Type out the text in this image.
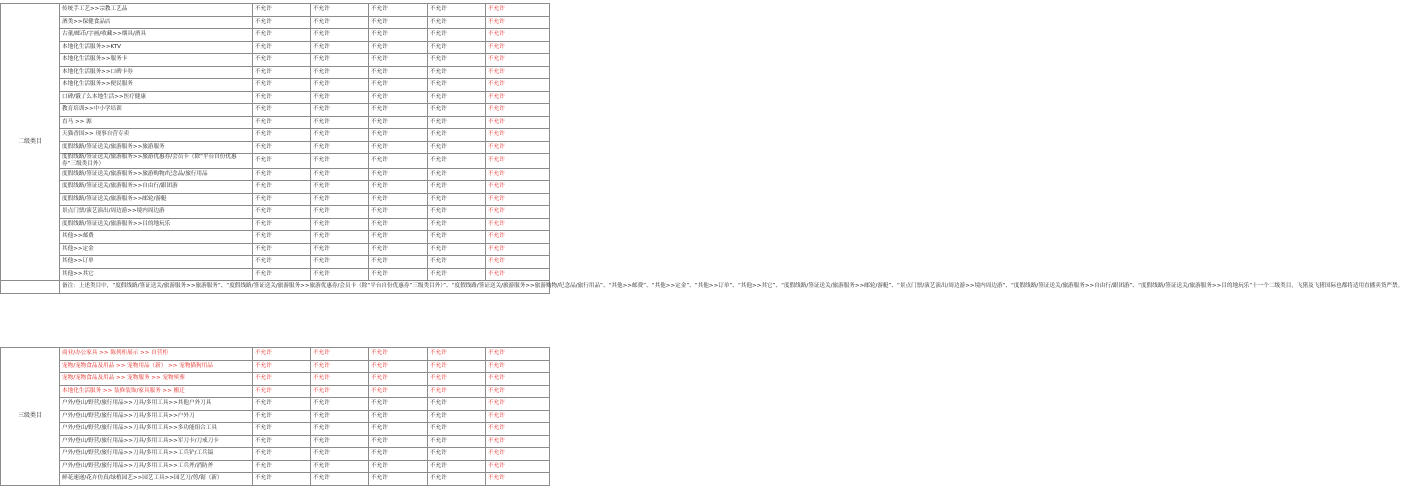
二级类目	传统手工艺>>宗教工艺品	不允许	不允许	不允许	不允许	不允许
	酒类>>保健食品店	不允许	不允许	不允许	不允许	不允许
	古董/邮币/字画/收藏>>烟具/酒具	不允许	不允许	不允许	不允许	不允许
	本地化生活服务>>KTV	不允许	不允许	不允许	不允许	不允许
	本地化生活服务>>服务卡	不允许	不允许	不允许	不允许	不允许
	本地化生活服务>>口碑卡券	不允许	不允许	不允许	不允许	不允许
	本地化生活服务>>便民服务	不允许	不允许	不允许	不允许	不允许
	口碑/饿了么本地生活>>医疗健康	不允许	不允许	不允许	不允许	不允许
	教育培训>>中小学培训	不允许	不允许	不允许	不允许	不允许
	直马 >> 源	不允许	不允许	不允许	不允许	不允许
	天猫香国>> 现事自营专卖	不允许	不允许	不允许	不允许	不允许
	度假线路/签证送关/旅游服务>>旅游服务	不允许	不允许	不允许	不允许	不允许
	度假线路/签证送关/旅游服务>>旅游优惠券/会员卡（除“平台自份优惠券”三级类目外）	不允许	不允许	不允许	不允许	不允许
	度假线路/签证送关/旅游服务>>旅游购物/纪念品/旅行用品	不允许	不允许	不允许	不允许	不允许
	度假线路/签证送关/旅游服务>>自由行/跟团游	不允许	不允许	不允许	不允许	不允许
	度假线路/签证送关/旅游服务>>邮轮/游艇	不允许	不允许	不允许	不允许	不允许
	景点门票/演艺演出/周边游>>境内周边游	不允许	不允许	不允许	不允许	不允许
	度假线路/签证送关/旅游服务>>目的地玩乐	不允许	不允许	不允许	不允许	不允许
	其他>>邮费	不允许	不允许	不允许	不允许	不允许
	其他>>定金	不允许	不允许	不允许	不允许	不允许
	其他>>订单	不允许	不允许	不允许	不允许	不允许
	其他>>其它	不允许	不允许	不允许	不允许	不允许
	备注：上述类目中，“度假线路/签证送关/旅游服务>>旅游服务”、“度假线路/签证送关/旅游服务>>旅游优惠券/会员卡（除“平台自份优惠券”三级类目外）”、“度假线路/签证送关/旅游服务>>旅游购物/纪念品/旅行用品”、“其他>>邮费”、“其他>>定金”、“其他>>订单”、“其他>>其它”、“度假线路/签证送关/旅游服务>>邮轮/游艇”、“景点门票/演艺演出/周边游>>境内周边游”、“度假线路/签证送关/旅游服务>>自由行/跟团游”、“度假线路/签证送关/旅游服务>>目的地玩乐”十一个二级类目，飞猪及飞猪国际也都将适用直播卖货严禁。					
三级类目	商业/办公家具 >> 陈列柜展示 >> 自营柜	不允许	不允许	不允许	不允许	不允许
	宠物/宠物食品及用品 >> 宠物用品（新） >> 宠物猫狗用品	不允许	不允许	不允许	不允许	不允许
	宠物/宠物食品及用品 >> 宠物服务 >> 宠物殡葬	不允许	不允许	不允许	不允许	不允许
	本地化生活服务 >> 装修装饰/家具服务 >> 搬迁	不允许	不允许	不允许	不允许	不允许
	户外/登山/野营/旅行用品>>刀具/多用工具>>其他户外刀具	不允许	不允许	不允许	不允许	不允许
	户外/登山/野营/旅行用品>>刀具/多用工具>>户外刀	不允许	不允许	不允许	不允许	不允许
	户外/登山/野营/旅行用品>>刀具/多用工具>>多功能组合工具	不允许	不允许	不允许	不允许	不允许
	户外/登山/野营/旅行用品>>刀具/多用工具>>军刀卡/刀戒刀卡	不允许	不允许	不允许	不允许	不允许
	户外/登山/野营/旅行用品>>刀具/多用工具>>工兵铲/工兵镐	不允许	不允许	不允许	不允许	不允许
	户外/登山/野营/旅行用品>>刀具/多用工具>>工兵斧/消防斧	不允许	不允许	不允许	不允许	不允许
	鲜花速递/花卉仿真/绿植园艺>>园艺工具>>园艺刀/剪/锯（新）	不允许	不允许	不允许	不允许	不允许
